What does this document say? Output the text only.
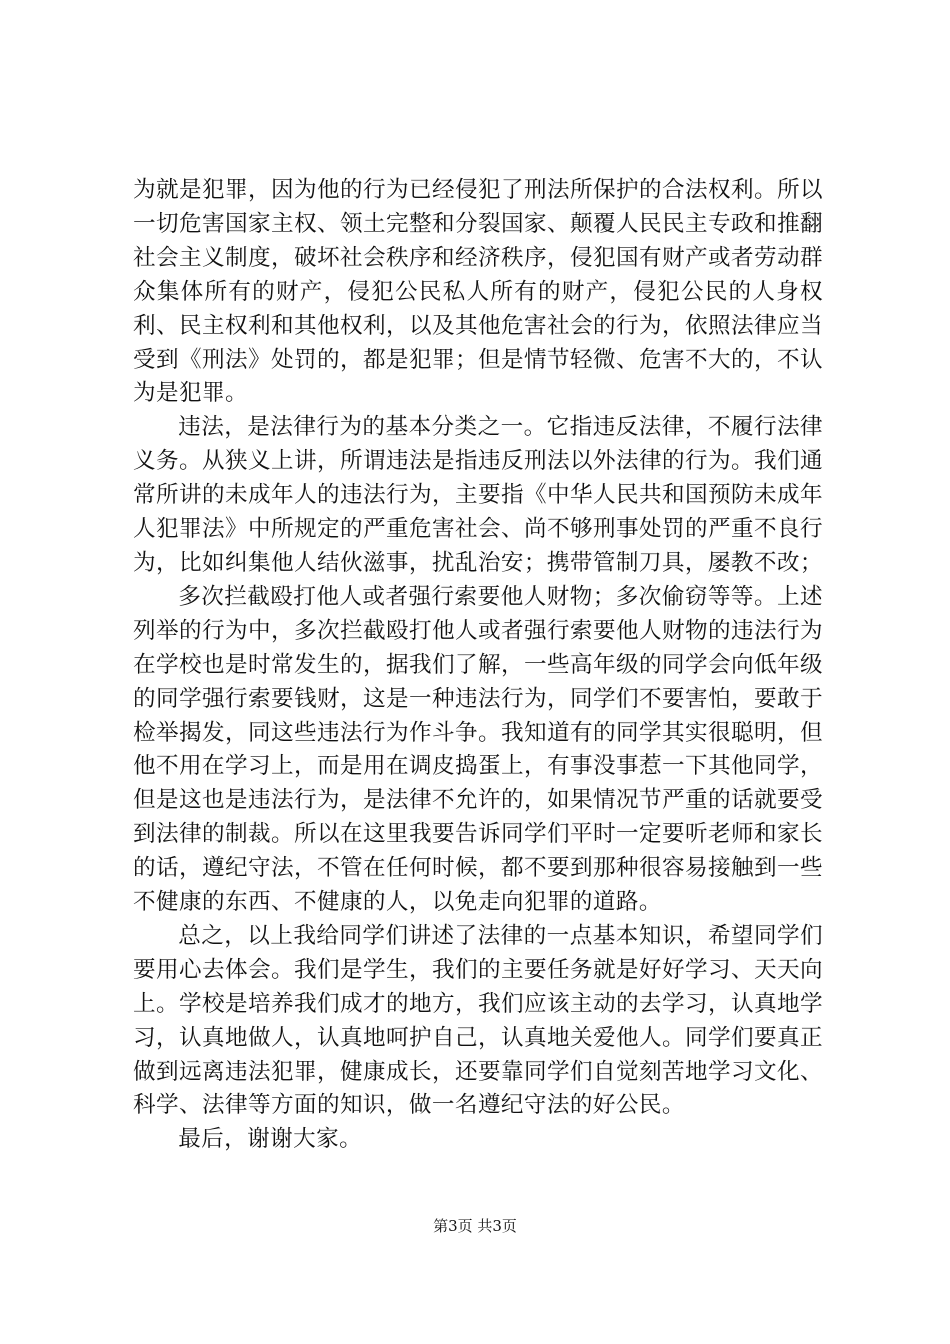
为就是犯罪，因为他的行为已经侵犯了刑法所保护的合法权利。所以一切危害国家主权、领土完整和分裂国家、颠覆人民民主专政和推翻社会主义制度，破坏社会秩序和经济秩序，侵犯国有财产或者劳动群众集体所有的财产，侵犯公民私人所有的财产，侵犯公民的人身权利、民主权利和其他权利，以及其他危害社会的行为，依照法律应当受到《刑法》处罚的，都是犯罪；但是情节轻微、危害不大的，不认为是犯罪。

违法，是法律行为的基本分类之一。它指违反法律，不履行法律义务。从狭义上讲，所谓违法是指违反刑法以外法律的行为。我们通常所讲的未成年人的违法行为，主要指《中华人民共和国预防未成年人犯罪法》中所规定的严重危害社会、尚不够刑事处罚的严重不良行为，比如纠集他人结伙滋事，扰乱治安；携带管制刀具，屡教不改；

多次拦截殴打他人或者强行索要他人财物；多次偷窃等等。上述列举的行为中，多次拦截殴打他人或者强行索要他人财物的违法行为在学校也是时常发生的，据我们了解，一些高年级的同学会向低年级的同学强行索要钱财，这是一种违法行为，同学们不要害怕，要敢于检举揭发，同这些违法行为作斗争。我知道有的同学其实很聪明，但他不用在学习上，而是用在调皮捣蛋上，有事没事惹一下其他同学，但是这也是违法行为，是法律不允许的，如果情况节严重的话就要受到法律的制裁。所以在这里我要告诉同学们平时一定要听老师和家长的话，遵纪守法，不管在任何时候，都不要到那种很容易接触到一些不健康的东西、不健康的人，以免走向犯罪的道路。

总之，以上我给同学们讲述了法律的一点基本知识，希望同学们要用心去体会。我们是学生，我们的主要任务就是好好学习、天天向上。学校是培养我们成才的地方，我们应该主动的去学习，认真地学习，认真地做人，认真地呵护自己，认真地关爱他人。同学们要真正做到远离违法犯罪，健康成长，还要靠同学们自觉刻苦地学习文化、科学、法律等方面的知识，做一名遵纪守法的好公民。

最后，谢谢大家。

第3页 共3页
